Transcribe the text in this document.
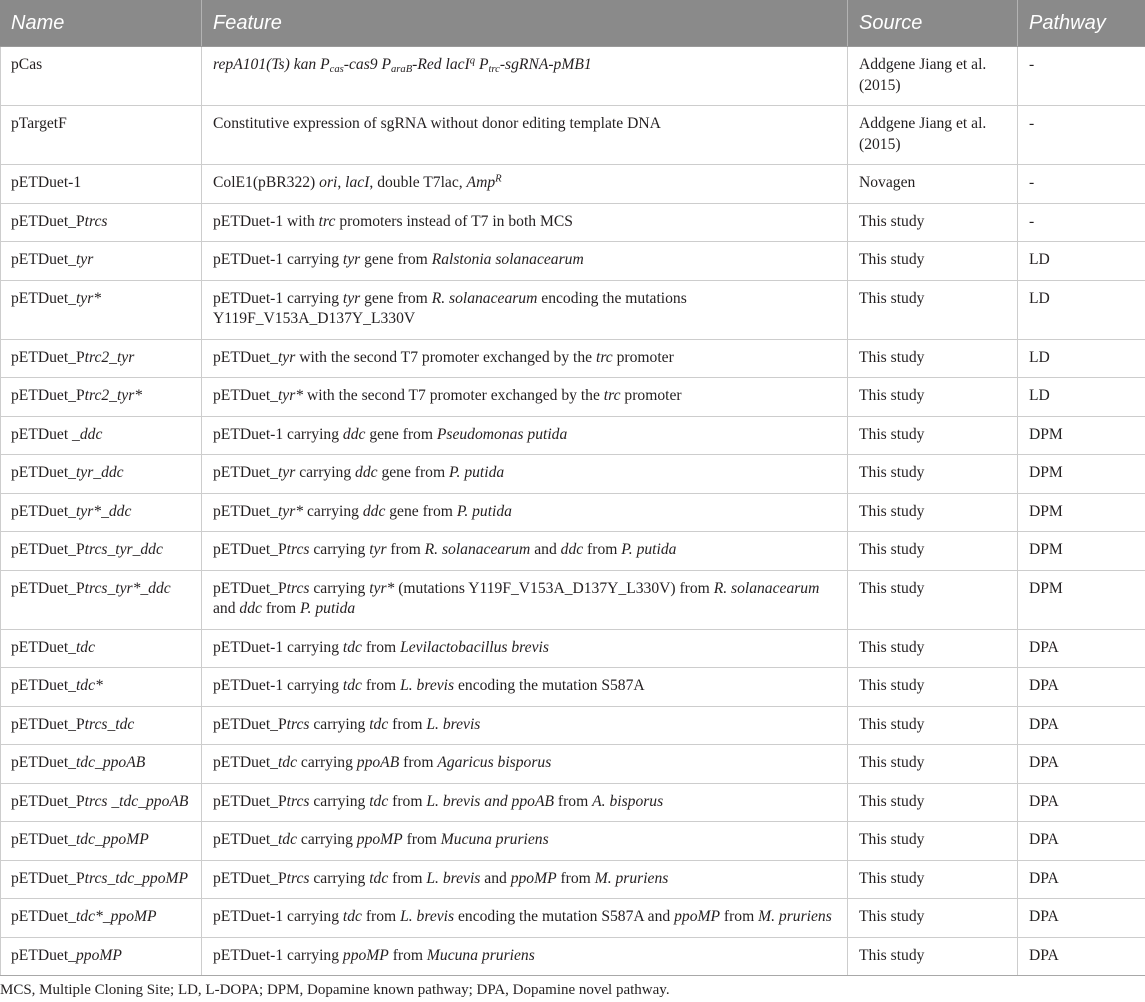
Name	Feature	Source	Pathway
pCas	repA101(Ts) kan $P_{cas}-cas9$ $P_{araB}$-Red lacI$^q$ $P_{trc}-sgRNA-pMB1$	Addgene Jiang et al. (2015)	-
pTargetF	Constitutive expression of sgRNA without donor editing template DNA	Addgene Jiang et al. (2015)	-
pETDuet-1	ColE1(pBR322) ori, lacI, double T7lac, Amp$^R$	Novagen	-
pETDuet_Ptrcs	pETDuet-1 with trc promoters instead of T7 in both MCS	This study	-
pETDuet_tyr	pETDuet-1 carrying tyr gene from Ralstonia solanacearum	This study	LD
pETDuet_tyr*	pETDuet-1 carrying tyr gene from R. solanacearum encoding the mutations Y119F_V153A_D137Y_L330V	This study	LD
pETDuet_Ptrc2_tyr	pETDuet_tyr with the second T7 promoter exchanged by the trc promoter	This study	LD
pETDuet_Ptrc2_tyr*	pETDuet_tyr* with the second T7 promoter exchanged by the trc promoter	This study	LD
pETDuet _ddc	pETDuet-1 carrying ddc gene from Pseudomonas putida	This study	DPM
pETDuet_tyr_ddc	pETDuet_tyr carrying ddc gene from P. putida	This study	DPM
pETDuet_tyr*_ddc	pETDuet_tyr* carrying ddc gene from P. putida	This study	DPM
pETDuet_Ptrcs_tyr_ddc	pETDuet_Ptrcs carrying tyr from R. solanacearum and ddc from P. putida	This study	DPM
pETDuet_Ptrcs_tyr*_ddc	pETDuet_Ptrcs carrying tyr* (mutations Y119F_V153A_D137Y_L330V) from R. solanacearum and ddc from P. putida	This study	DPM
pETDuet_tdc	pETDuet-1 carrying tdc from Levilactobacillus brevis	This study	DPA
pETDuet_tdc*	pETDuet-1 carrying tdc from L. brevis encoding the mutation S587A	This study	DPA
pETDuet_Ptrcs_tdc	pETDuet_Ptrcs carrying tdc from L. brevis	This study	DPA
pETDuet_tdc_ppoAB	pETDuet_tdc carrying ppoAB from Agaricus bisporus	This study	DPA
pETDuet_Ptrcs _tdc_ppoAB	pETDuet_Ptrcs carrying tdc from L. brevis and ppoAB from A. bisporus	This study	DPA
pETDuet_tdc_ppoMP	pETDuet_tdc carrying ppoMP from Mucuna pruriens	This study	DPA
pETDuet_Ptrcs_tdc_ppoMP	pETDuet_Ptrcs carrying tdc from L. brevis and ppoMP from M. pruriens	This study	DPA
pETDuet_tdc*_ppoMP	pETDuet-1 carrying tdc from L. brevis encoding the mutation S587A and ppoMP from M. pruriens	This study	DPA
pETDuet_ppoMP	pETDuet-1 carrying ppoMP from Mucuna pruriens	This study	DPA
MCS, Multiple Cloning Site; LD, L-DOPA; DPM, Dopamine known pathway; DPA, Dopamine novel pathway.
